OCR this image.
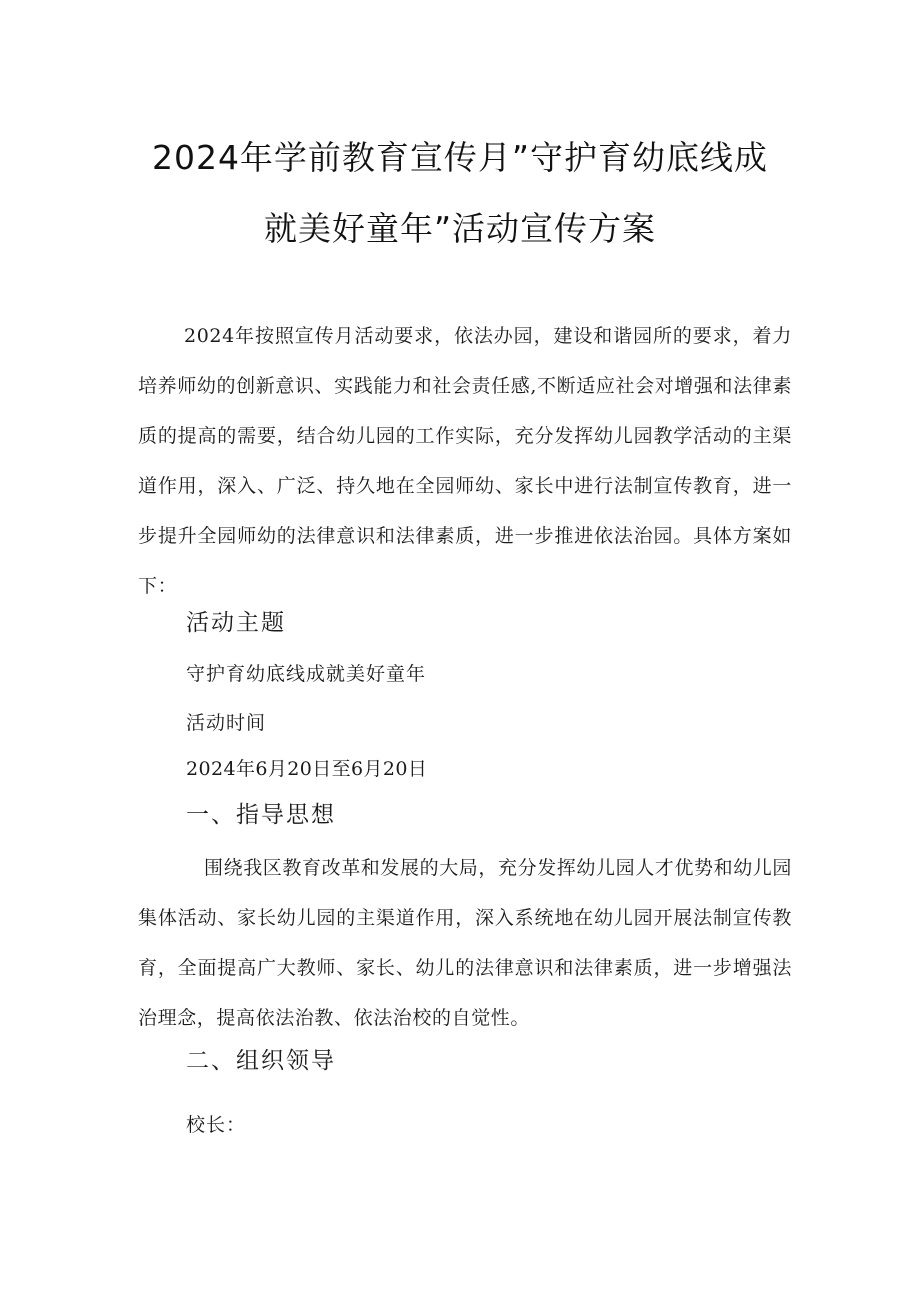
2024年学前教育宣传月”守护育幼底线成
就美好童年”活动宣传方案

2024年按照宣传月活动要求，依法办园，建设和谐园所的要求，着力培养师幼的创新意识、实践能力和社会责任感,不断适应社会对增强和法律素质的提高的需要，结合幼儿园的工作实际，充分发挥幼儿园教学活动的主渠道作用，深入、广泛、持久地在全园师幼、家长中进行法制宣传教育，进一步提升全园师幼的法律意识和法律素质，进一步推进依法治园。具体方案如下：

活动主题

守护育幼底线成就美好童年

活动时间

2024年6月20日至6月20日

一、指导思想

围绕我区教育改革和发展的大局，充分发挥幼儿园人才优势和幼儿园集体活动、家长幼儿园的主渠道作用，深入系统地在幼儿园开展法制宣传教育，全面提高广大教师、家长、幼儿的法律意识和法律素质，进一步增强法治理念，提高依法治教、依法治校的自觉性。

二、组织领导

校长：
